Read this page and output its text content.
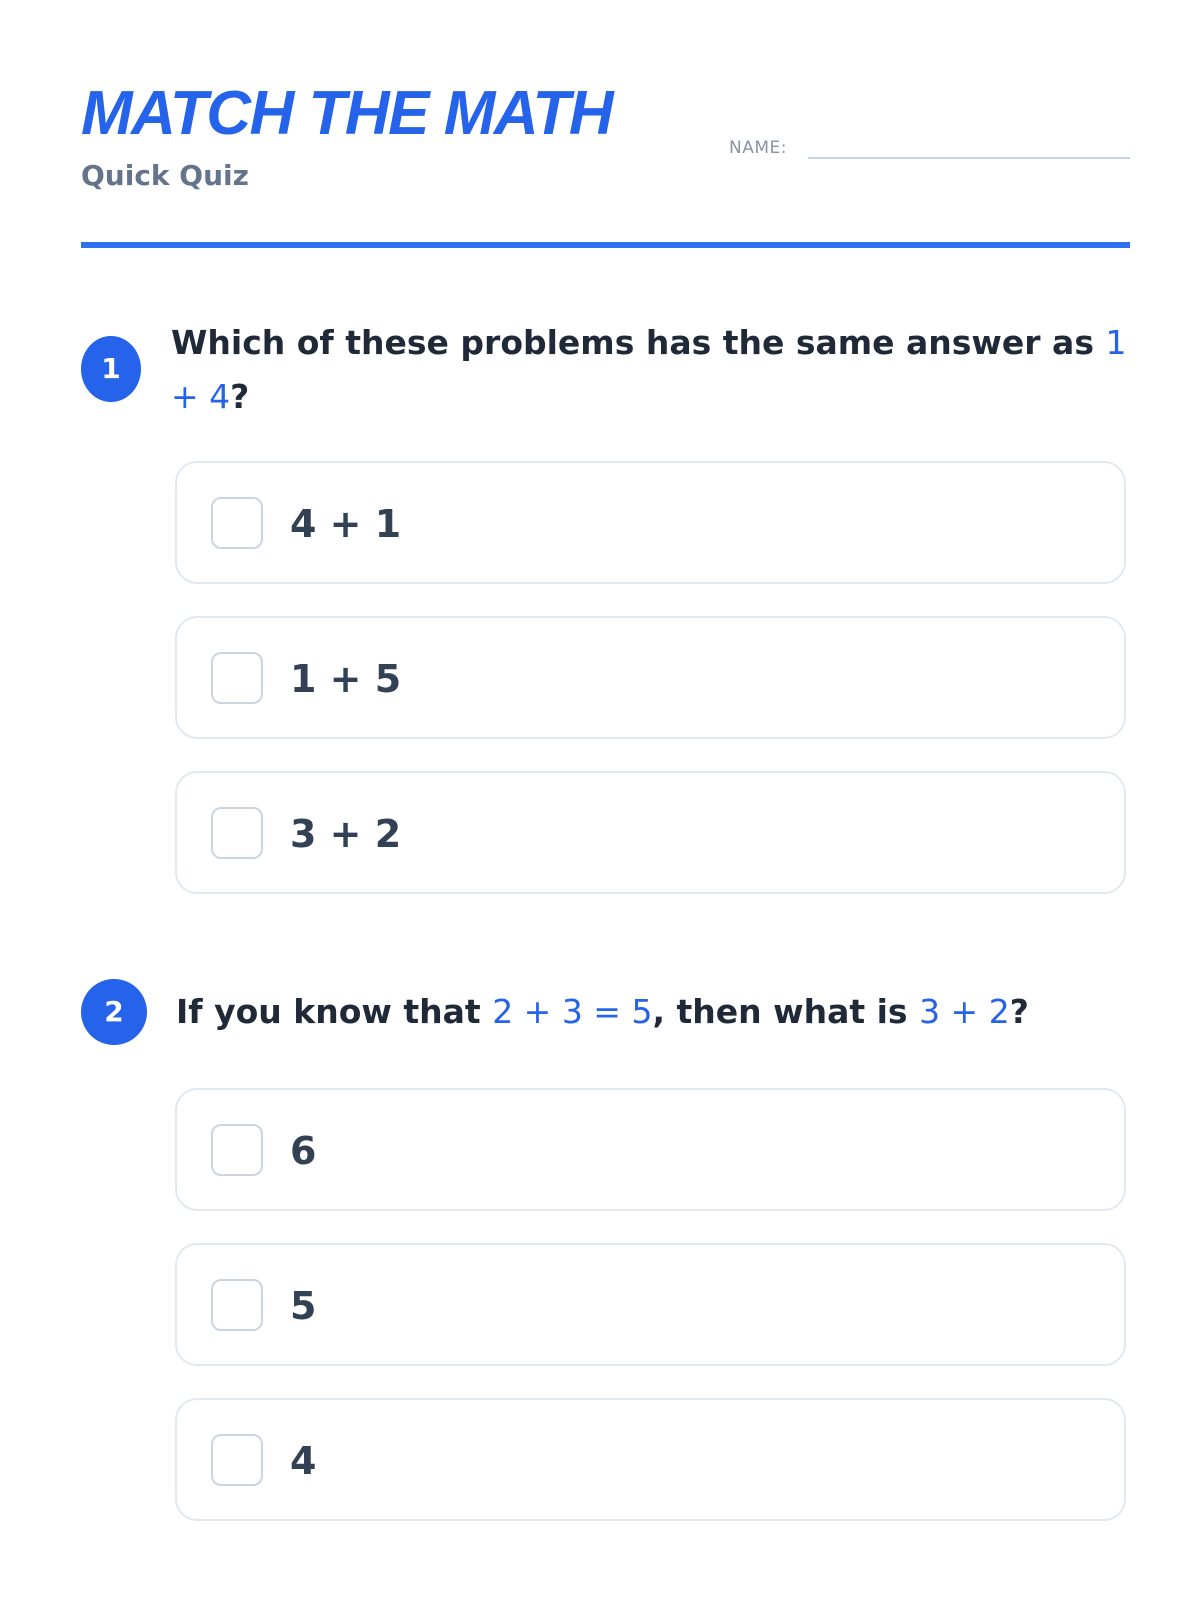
MATCH THE MATH
Quick Quiz
NAME:
1

Which of these problems has the same answer as 1 + 4?

4 + 1
1 + 5
3 + 2
2	If you know that 2 + 3 = 5, then what is 3 + 2?

6
5
4
